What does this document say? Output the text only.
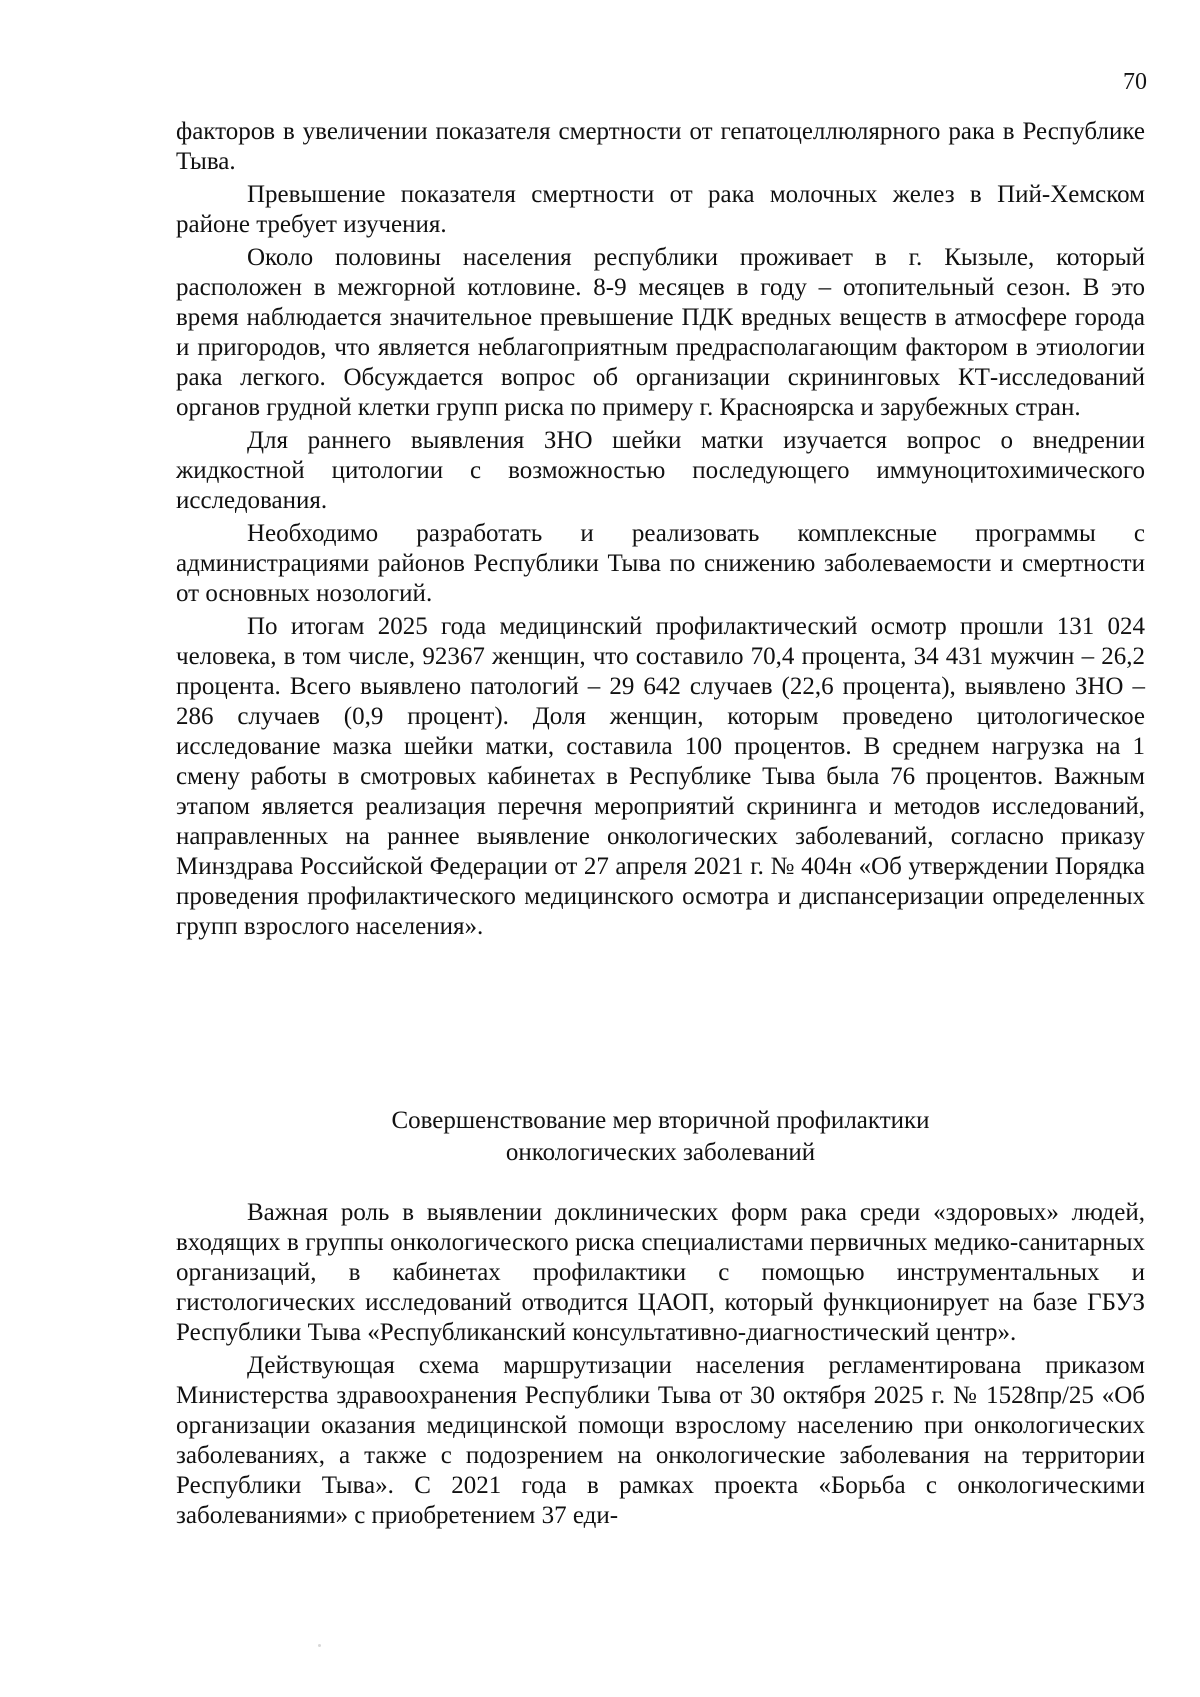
70

факторов в увеличении показателя смертности от гепатоцеллюлярного рака в Республике Тыва.

Превышение показателя смертности от рака молочных желез в Пий-Хемском районе требует изучения.

Около половины населения республики проживает в г. Кызыле, который расположен в межгорной котловине. 8-9 месяцев в году – отопительный сезон. В это время наблюдается значительное превышение ПДК вредных веществ в атмосфере города и пригородов, что является неблагоприятным предрасполагающим фактором в этиологии рака легкого. Обсуждается вопрос об организации скрининговых КТ-исследований органов грудной клетки групп риска по примеру г. Красноярска и зарубежных стран.

Для раннего выявления ЗНО шейки матки изучается вопрос о внедрении жидкостной цитологии с возможностью последующего иммуноцитохимического исследования.

Необходимо разработать и реализовать комплексные программы с администрациями районов Республики Тыва по снижению заболеваемости и смертности от основных нозологий.

По итогам 2025 года медицинский профилактический осмотр прошли 131 024 человека, в том числе, 92367 женщин, что составило 70,4 процента, 34 431 мужчин – 26,2 процента. Всего выявлено патологий – 29 642 случаев (22,6 процента), выявлено ЗНО – 286 случаев (0,9 процент). Доля женщин, которым проведено цитологическое исследование мазка шейки матки, составила 100 процентов. В среднем нагрузка на 1 смену работы в смотровых кабинетах в Республике Тыва была 76 процентов. Важным этапом является реализация перечня мероприятий скрининга и методов исследований, направленных на раннее выявление онкологических заболеваний, согласно приказу Минздрава Российской Федерации от 27 апреля 2021 г. № 404н «Об утверждении Порядка проведения профилактического медицинского осмотра и диспансеризации определенных групп взрослого населения».

Совершенствование мер вторичной профилактики
онкологических заболеваний

Важная роль в выявлении доклинических форм рака среди «здоровых» людей, входящих в группы онкологического риска специалистами первичных медико-санитарных организаций, в кабинетах профилактики с помощью инструментальных и гистологических исследований отводится ЦАОП, который функционирует на базе ГБУЗ Республики Тыва «Республиканский консультативно-диагностический центр».

Действующая схема маршрутизации населения регламентирована приказом Министерства здравоохранения Республики Тыва от 30 октября 2025 г. № 1528пр/25 «Об организации оказания медицинской помощи взрослому населению при онкологических заболеваниях, а также с подозрением на онкологические заболевания на территории Республики Тыва». С 2021 года в рамках проекта «Борьба с онкологическими заболеваниями» с приобретением 37 еди-
